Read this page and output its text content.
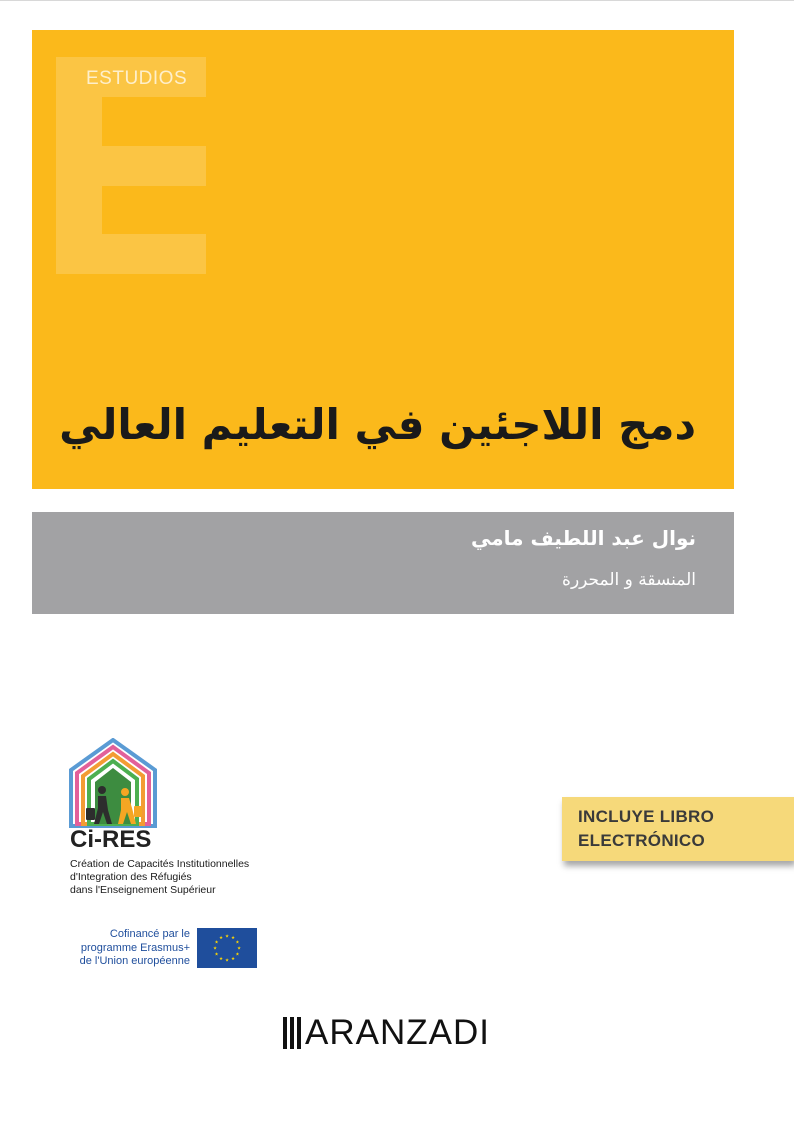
ESTUDIOS
دمج اللاجئين في التعليم العالي
نوال عبد اللطيف مامي
المنسقة و المحررة
Ci-RES
Création de Capacités Institutionnelles
d'Integration des Réfugiés
dans l'Enseignement Supérieur
Cofinancé par le
programme Erasmus+
de l'Union européenne
★ ★
★
★
★
★
★
★
★
★
★
★
INCLUYE LIBRO
ELECTRÓNICO
ARANZADI
